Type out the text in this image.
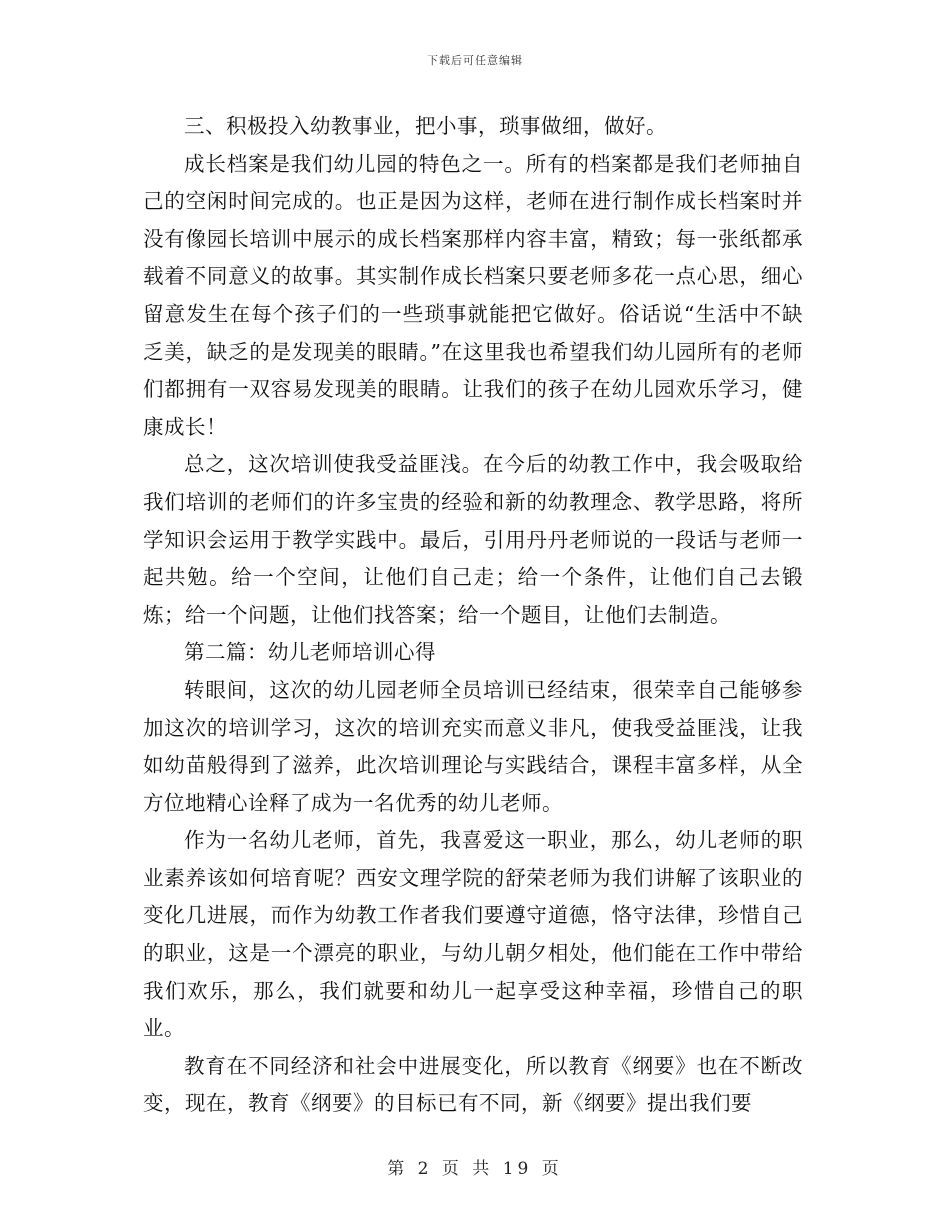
下载后可任意编辑

三、积极投入幼教事业，把小事，琐事做细，做好。

成长档案是我们幼儿园的特色之一。所有的档案都是我们老师抽自己的空闲时间完成的。也正是因为这样，老师在进行制作成长档案时并没有像园长培训中展示的成长档案那样内容丰富，精致；每一张纸都承载着不同意义的故事。其实制作成长档案只要老师多花一点心思，细心留意发生在每个孩子们的一些琐事就能把它做好。俗话说“生活中不缺乏美，缺乏的是发现美的眼睛。”在这里我也希望我们幼儿园所有的老师们都拥有一双容易发现美的眼睛。让我们的孩子在幼儿园欢乐学习，健康成长！

总之，这次培训使我受益匪浅。在今后的幼教工作中，我会吸取给我们培训的老师们的许多宝贵的经验和新的幼教理念、教学思路，将所学知识会运用于教学实践中。最后，引用丹丹老师说的一段话与老师一起共勉。给一个空间，让他们自己走；给一个条件，让他们自己去锻炼；给一个问题，让他们找答案；给一个题目，让他们去制造。

第二篇：幼儿老师培训心得

转眼间，这次的幼儿园老师全员培训已经结束，很荣幸自己能够参加这次的培训学习，这次的培训充实而意义非凡，使我受益匪浅，让我如幼苗般得到了滋养，此次培训理论与实践结合，课程丰富多样，从全方位地精心诠释了成为一名优秀的幼儿老师。

作为一名幼儿老师，首先，我喜爱这一职业，那么，幼儿老师的职业素养该如何培育呢？西安文理学院的舒荣老师为我们讲解了该职业的变化几进展，而作为幼教工作者我们要遵守道德，恪守法律，珍惜自己的职业，这是一个漂亮的职业，与幼儿朝夕相处，他们能在工作中带给我们欢乐，那么，我们就要和幼儿一起享受这种幸福，珍惜自己的职业。

教育在不同经济和社会中进展变化，所以教育《纲要》也在不断改变，现在，教育《纲要》的目标已有不同，新《纲要》提出我们要

第 2 页 共 19 页
